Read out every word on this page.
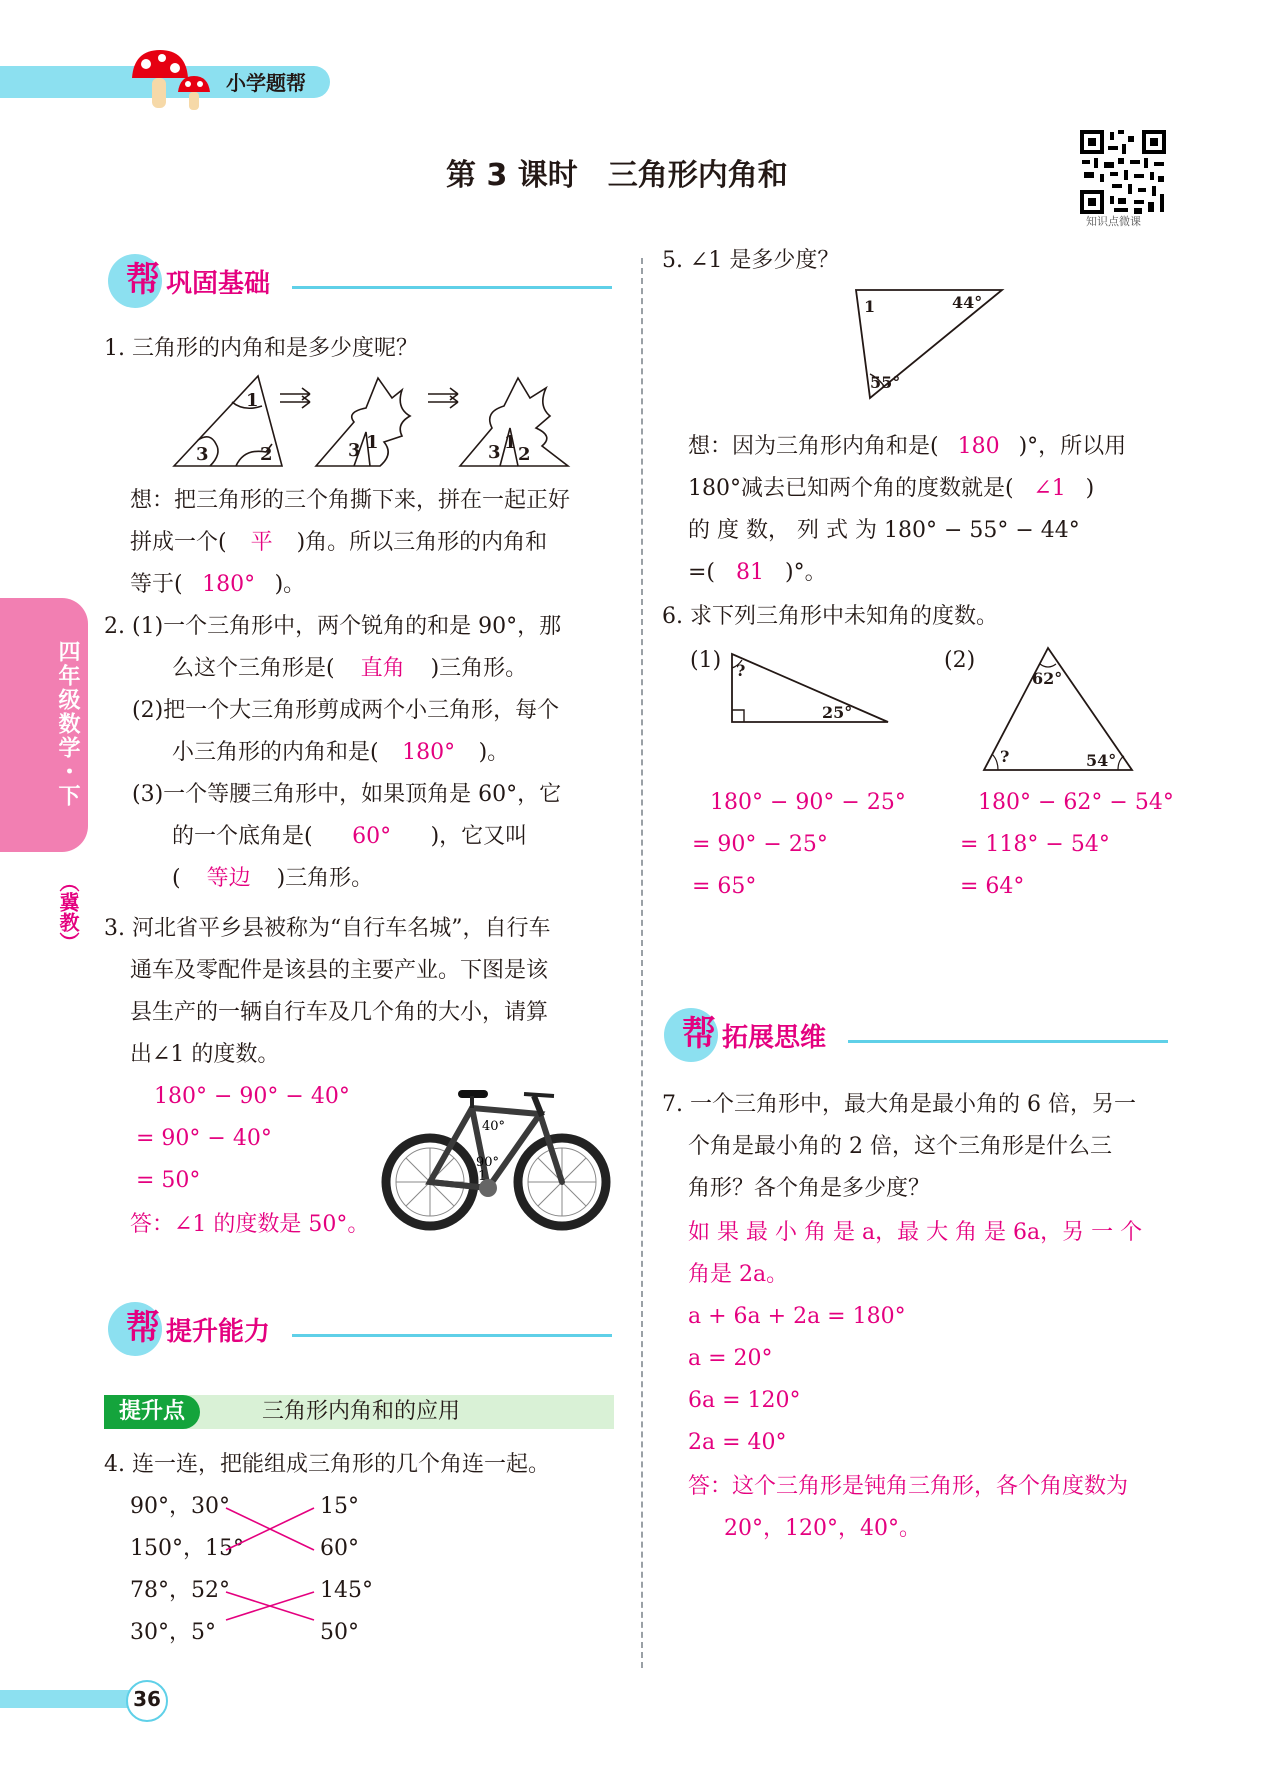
小学题帮
第 3 课时　三角形内角和
知识点微课
四年级数学・下
（冀教）
帮 巩固基础
1. 三角形的内角和是多少度呢？
1
3	2	3 1	3 1
2
想：把三角形的三个角撕下来，拼在一起正好
拼成一个( 平 )角。所以三角形的内角和
等于( 180° )。
2. (1)一个三角形中，两个锐角的和是 90°，那
么这个三角形是( 直角 )三角形。
(2)把一个大三角形剪成两个小三角形，每个
小三角形的内角和是( 180° )。
(3)一个等腰三角形中，如果顶角是 60°，它
的一个底角是( 60° )，它又叫
( 等边 )三角形。
3. 河北省平乡县被称为“自行车名城”，自行车
通车及零配件是该县的主要产业。下图是该
县生产的一辆自行车及几个角的大小，请算
出∠1 的度数。
180° − 90° − 40°
= 90° − 40°
= 50°
答：∠1 的度数是 50°。
40°
90°
1
帮 提升能力
提升点	三角形内角和的应用
4. 连一连，把能组成三角形的几个角连一起。
90°，30°
150°，15°
78°，52°
30°，5°
15°
60°
145°
50°
36
5. ∠1 是多少度？
1	44°
55°
想：因为三角形内角和是( 180 )°，所以用
180°减去已知两个角的度数就是( ∠1 )
的 度 数， 列 式 为 180° − 55° − 44°
=( 81 )°。
6. 求下列三角形中未知角的度数。
(1) ?
25°
(2)
62°
?	54°
180° − 90° − 25°
= 90° − 25°
= 65°
180° − 62° − 54°
= 118° − 54°
= 64°
帮 拓展思维
7. 一个三角形中，最大角是最小角的 6 倍，另一
个角是最小角的 2 倍，这个三角形是什么三
角形？各个角是多少度？
如 果 最 小 角 是 a，最 大 角 是 6a，另 一 个
角是 2a。
a + 6a + 2a = 180°
a = 20°
6a = 120°
2a = 40°
答：这个三角形是钝角三角形，各个角度数为
20°，120°，40°。
